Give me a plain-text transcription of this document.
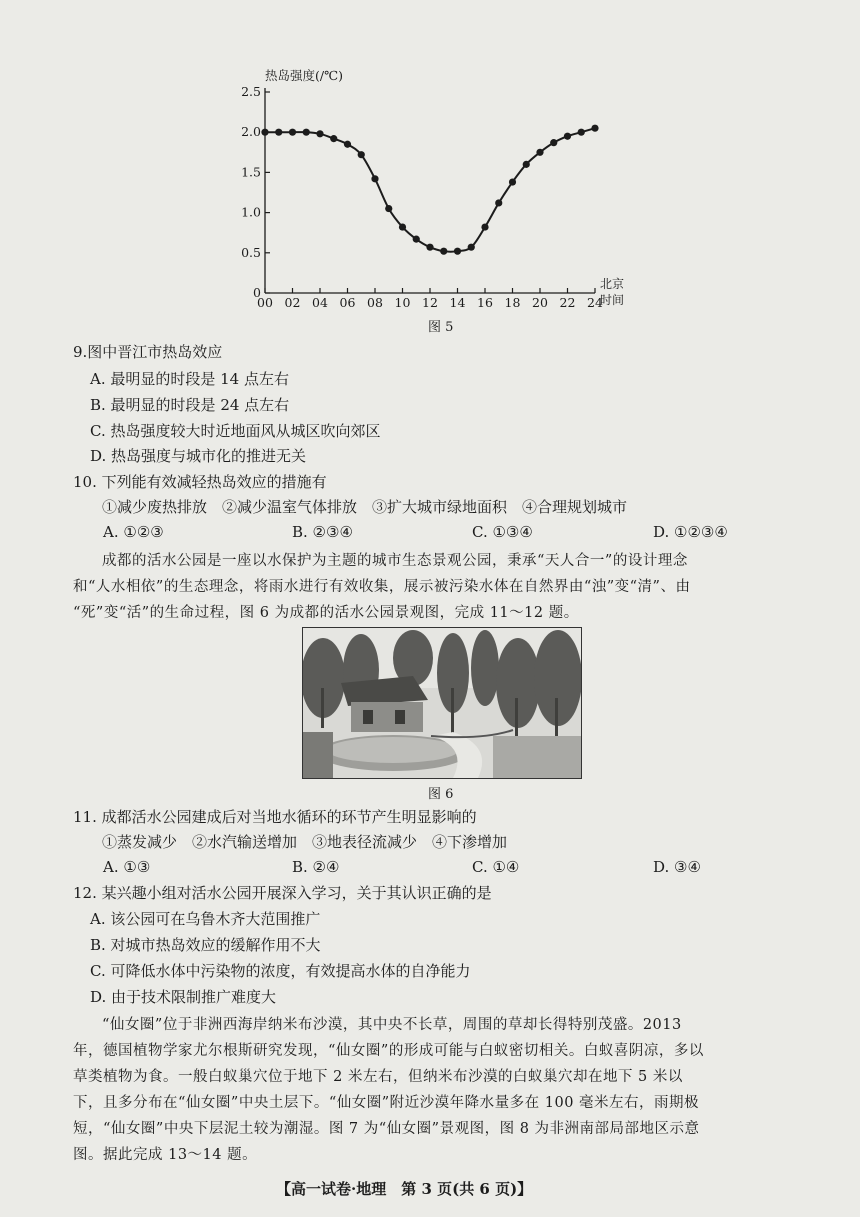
热岛强度(/℃)
北京
时间
0
0.5
1.0
1.5
2.0
2.5
00 02 04 06 08 10 12 14 16 18 20 22 24
图 5
9.图中晋江市热岛效应
A. 最明显的时段是 14 点左右
B. 最明显的时段是 24 点左右
C. 热岛强度较大时近地面风从城区吹向郊区
D. 热岛强度与城市化的推进无关
10. 下列能有效减轻热岛效应的措施有
①减少废热排放　②减少温室气体排放　③扩大城市绿地面积　④合理规划城市
A. ①②③	B. ②③④	C. ①③④	D. ①②③④
成都的活水公园是一座以水保护为主题的城市生态景观公园，秉承“天人合一”的设计理念
和“人水相依”的生态理念，将雨水进行有效收集，展示被污染水体在自然界由“浊”变“清”、由
“死”变“活”的生命过程，图 6 为成都的活水公园景观图，完成 11～12 题。
图 6
11. 成都活水公园建成后对当地水循环的环节产生明显影响的
①蒸发减少　②水汽输送增加　③地表径流减少　④下渗增加
A. ①③	B. ②④	C. ①④	D. ③④
12. 某兴趣小组对活水公园开展深入学习，关于其认识正确的是
A. 该公园可在乌鲁木齐大范围推广
B. 对城市热岛效应的缓解作用不大
C. 可降低水体中污染物的浓度，有效提高水体的自净能力
D. 由于技术限制推广难度大
“仙女圈”位于非洲西海岸纳米布沙漠，其中央不长草，周围的草却长得特别茂盛。2013
年，德国植物学家尤尔根斯研究发现，“仙女圈”的形成可能与白蚁密切相关。白蚁喜阴凉，多以
草类植物为食。一般白蚁巢穴位于地下 2 米左右，但纳米布沙漠的白蚁巢穴却在地下 5 米以
下，且多分布在“仙女圈”中央土层下。“仙女圈”附近沙漠年降水量多在 100 毫米左右，雨期极
短，“仙女圈”中央下层泥土较为潮湿。图 7 为“仙女圈”景观图，图 8 为非洲南部局部地区示意
图。据此完成 13～14 题。
【高一试卷·地理　第 3 页(共 6 页)】
